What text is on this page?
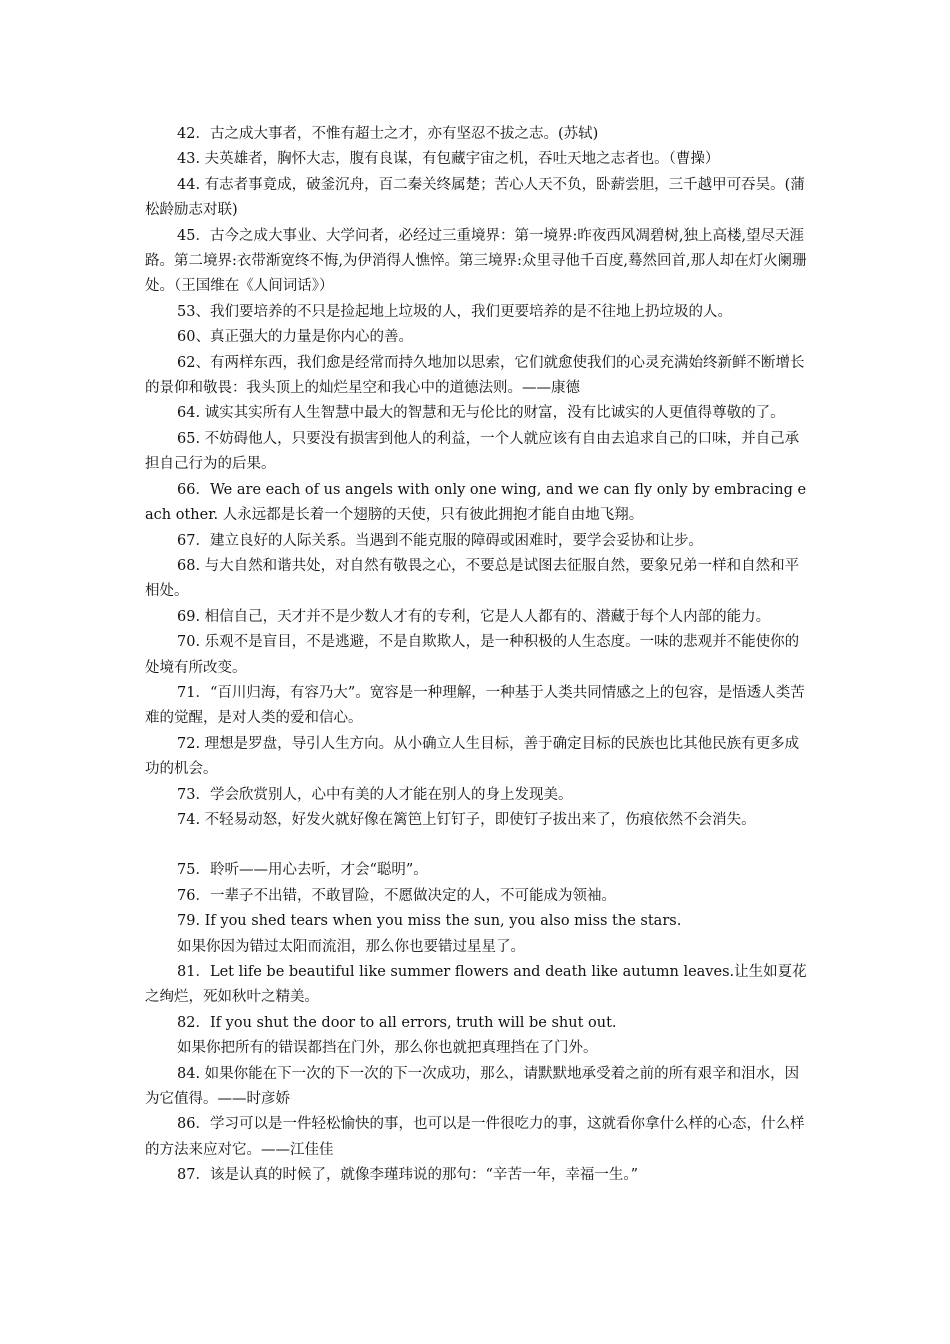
42．古之成大事者，不惟有超士之才，亦有坚忍不拔之志。(苏轼)

43. 夫英雄者，胸怀大志，腹有良谋，有包藏宇宙之机，吞吐天地之志者也。（曹操）

44. 有志者事竟成，破釜沉舟，百二秦关终属楚；苦心人天不负，卧薪尝胆，三千越甲可吞吴。(蒲松龄励志对联)

45．古今之成大事业、大学问者，必经过三重境界：第一境界:昨夜西风凋碧树,独上高楼,望尽天涯路。第二境界:衣带渐宽终不悔,为伊消得人憔悴。第三境界:众里寻他千百度,蓦然回首,那人却在灯火阑珊处。（王国维在《人间词话》）

53、我们要培养的不只是捡起地上垃圾的人，我们更要培养的是不往地上扔垃圾的人。

60、真正强大的力量是你内心的善。

62、有两样东西，我们愈是经常而持久地加以思索，它们就愈使我们的心灵充满始终新鲜不断增长的景仰和敬畏：我头顶上的灿烂星空和我心中的道德法则。——康德

64. 诚实其实所有人生智慧中最大的智慧和无与伦比的财富，没有比诚实的人更值得尊敬的了。

65. 不妨碍他人，只要没有损害到他人的利益，一个人就应该有自由去追求自己的口味，并自己承担自己行为的后果。

66．We are each of us angels with only one wing, and we can fly only by embracing each other. 人永远都是长着一个翅膀的天使，只有彼此拥抱才能自由地飞翔。

67．建立良好的人际关系。当遇到不能克服的障碍或困难时，要学会妥协和让步。

68. 与大自然和谐共处，对自然有敬畏之心，不要总是试图去征服自然，要象兄弟一样和自然和平相处。

69. 相信自己，天才并不是少数人才有的专利，它是人人都有的、潜藏于每个人内部的能力。

70. 乐观不是盲目，不是逃避，不是自欺欺人，是一种积极的人生态度。一味的悲观并不能使你的处境有所改变。

71．“百川归海，有容乃大”。宽容是一种理解，一种基于人类共同情感之上的包容，是悟透人类苦难的觉醒，是对人类的爱和信心。

72. 理想是罗盘，导引人生方向。从小确立人生目标，善于确定目标的民族也比其他民族有更多成功的机会。

73．学会欣赏别人，心中有美的人才能在别人的身上发现美。

74. 不轻易动怒，好发火就好像在篱笆上钉钉子，即使钉子拔出来了，伤痕依然不会消失。

75．聆听——用心去听，才会“聪明”。

76．一辈子不出错，不敢冒险，不愿做决定的人，不可能成为领袖。

79. If you shed tears when you miss the sun, you also miss the stars.

如果你因为错过太阳而流泪，那么你也要错过星星了。

81．Let life be beautiful like summer flowers and death like autumn leaves.让生如夏花之绚烂，死如秋叶之精美。

82．If you shut the door to all errors, truth will be shut out.

如果你把所有的错误都挡在门外，那么你也就把真理挡在了门外。

84. 如果你能在下一次的下一次的下一次成功，那么，请默默地承受着之前的所有艰辛和泪水，因为它值得。——时彦娇

86．学习可以是一件轻松愉快的事，也可以是一件很吃力的事，这就看你拿什么样的心态，什么样的方法来应对它。——江佳佳

87．该是认真的时候了，就像李瑾玮说的那句：“辛苦一年，幸福一生。”
